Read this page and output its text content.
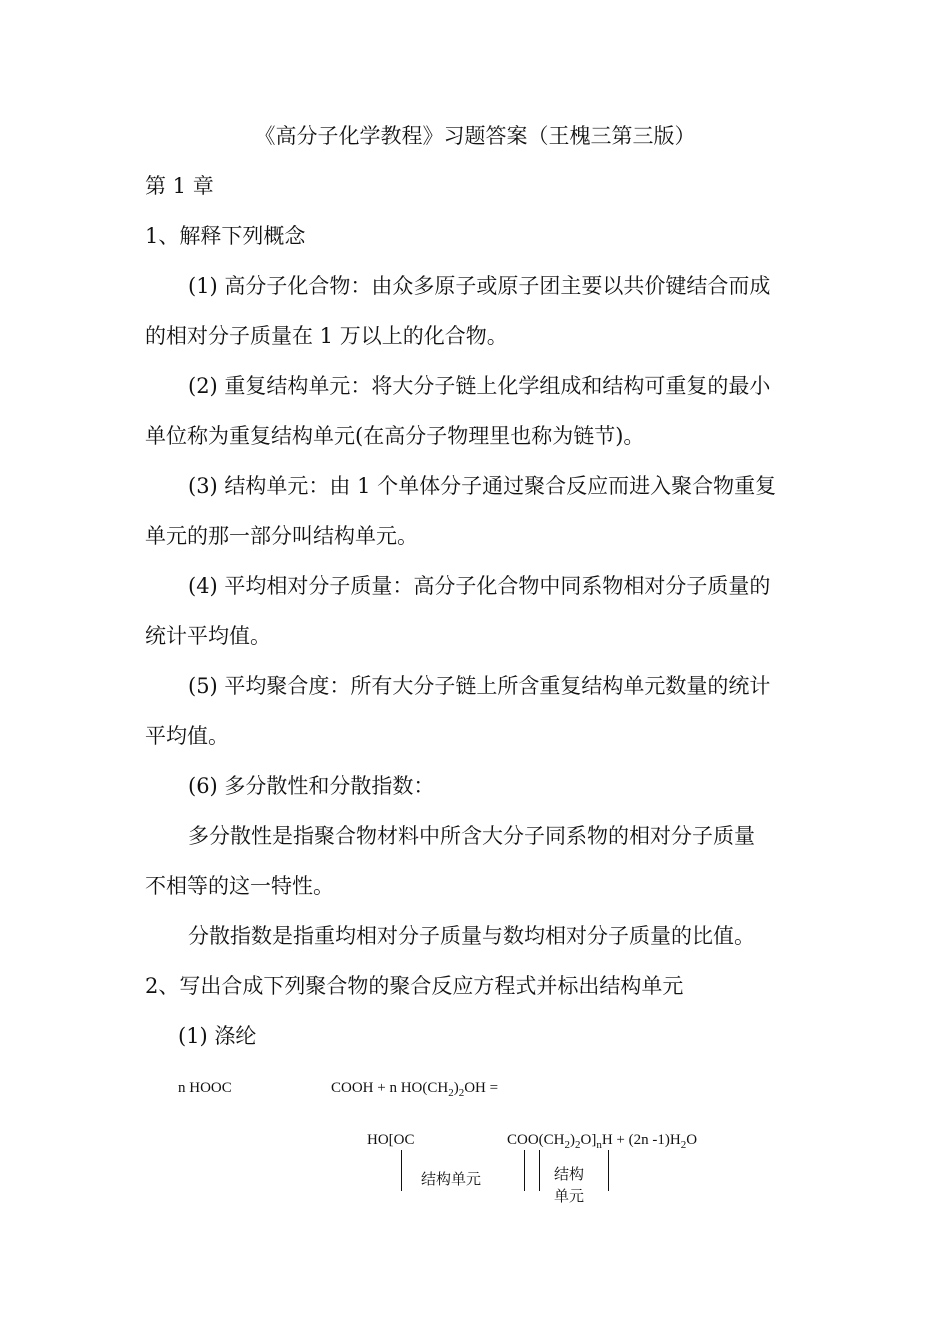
《高分子化学教程》习题答案（王槐三第三版）
第 1 章
1、解释下列概念
(1) 高分子化合物：由众多原子或原子团主要以共价键结合而成
的相对分子质量在 1 万以上的化合物。
(2) 重复结构单元：将大分子链上化学组成和结构可重复的最小
单位称为重复结构单元(在高分子物理里也称为链节)。
(3) 结构单元：由 1 个单体分子通过聚合反应而进入聚合物重复
单元的那一部分叫结构单元。
(4) 平均相对分子质量：高分子化合物中同系物相对分子质量的
统计平均值。
(5) 平均聚合度：所有大分子链上所含重复结构单元数量的统计
平均值。
(6) 多分散性和分散指数：
多分散性是指聚合物材料中所含大分子同系物的相对分子质量
不相等的这一特性。
分散指数是指重均相对分子质量与数均相对分子质量的比值。
2、写出合成下列聚合物的聚合反应方程式并标出结构单元
(1) 涤纶
n HOOC	COOH + n $HO(CH_2)_2OH$ =
HO[OC	$COO(CH_2)_2O]_nH + (2n$ $-1)H_2O$
结构单元	结构
单元
